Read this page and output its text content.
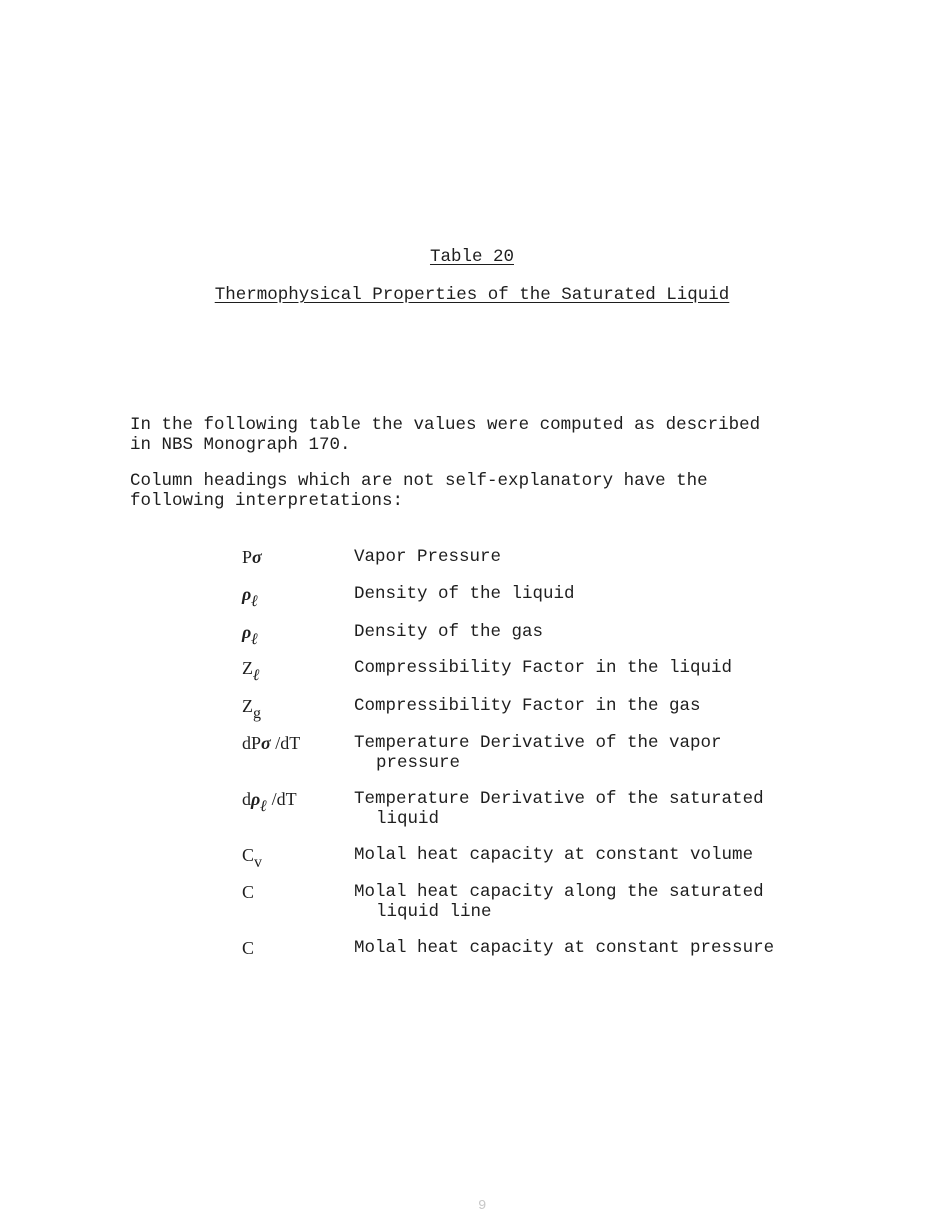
Table 20
Thermophysical Properties of the Saturated Liquid
In the following table the values were computed as described
in NBS Monograph 170.
Column headings which are not self-explanatory have the
following interpretations:
Pσ	Vapor Pressure
$\rho_\ell$	Density of the liquid
$\rho_\ell$	Density of the gas
$Z_\ell$	Compressibility Factor in the liquid
$Z_g$	Compressibility Factor in the gas
dPσ /dT	Temperature Derivative of the vapor
pressure
$d\rho_\ell$ /dT	Temperature Derivative of the saturated
liquid
$C_v$	Molal heat capacity at constant volume
C	Molal heat capacity along the saturated
liquid line
C	Molal heat capacity at constant pressure
9
